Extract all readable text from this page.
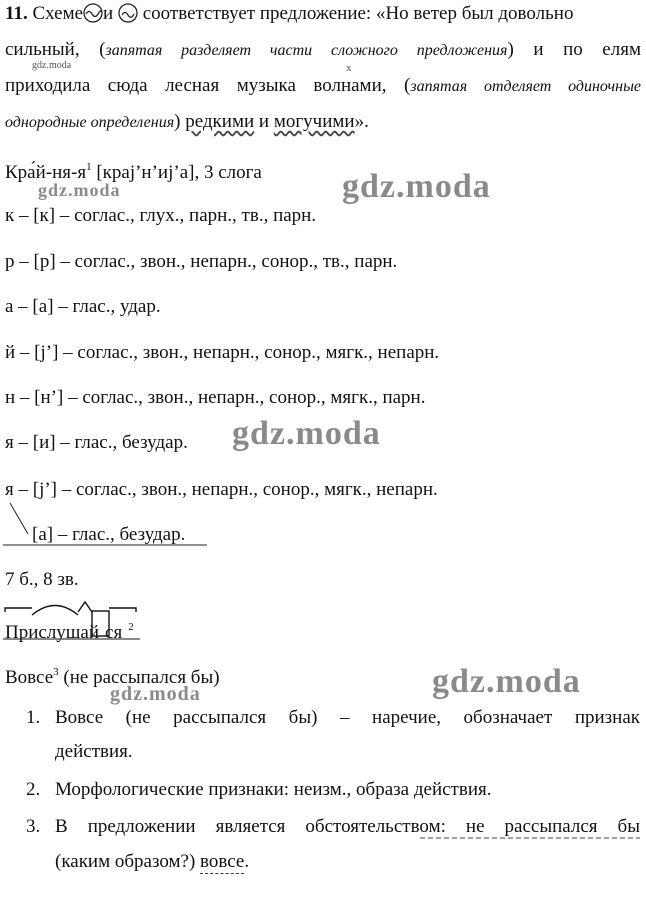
11. Схеме и соответствует предложение: «Но ветер был довольно
сильный, (запятая разделяет части сложного предложения) и по елям
gdz.moda	х
приходила сюда лесная музыка волнами, (запятая отделяет одиночные
однородные определения) редкими и могучими».
$Кра́й-ня-я^1$ [крај’н’иј’а], 3 слога
gdz.moda	gdz.moda
к – [к] – соглас., глух., парн., тв., парн.
р – [р] – соглас., звон., непарн., сонор., тв., парн.
а – [а] – глас., удар.
й – [j’] – соглас., звон., непарн., сонор., мягк., непарн.
н – [н’] – соглас., звон., непарн., сонор., мягк., парн.
я – [и] – глас., безудар. gdz.moda
я – [j’] – соглас., звон., непарн., сонор., мягк., непарн.
[а] – глас., безудар.
7 б., 8 зв.
Прислушай ся $^2$
Вовсе$^3$ (не рассыпался бы)
gdz.moda	gdz.moda
1. Вовсе (не рассыпался бы) – наречие, обозначает признак
действия.
2. Морфологические признаки: неизм., образа действия.
3. В предложении является обстоятельством: не рассыпался бы
(каким образом?) вовсе.
